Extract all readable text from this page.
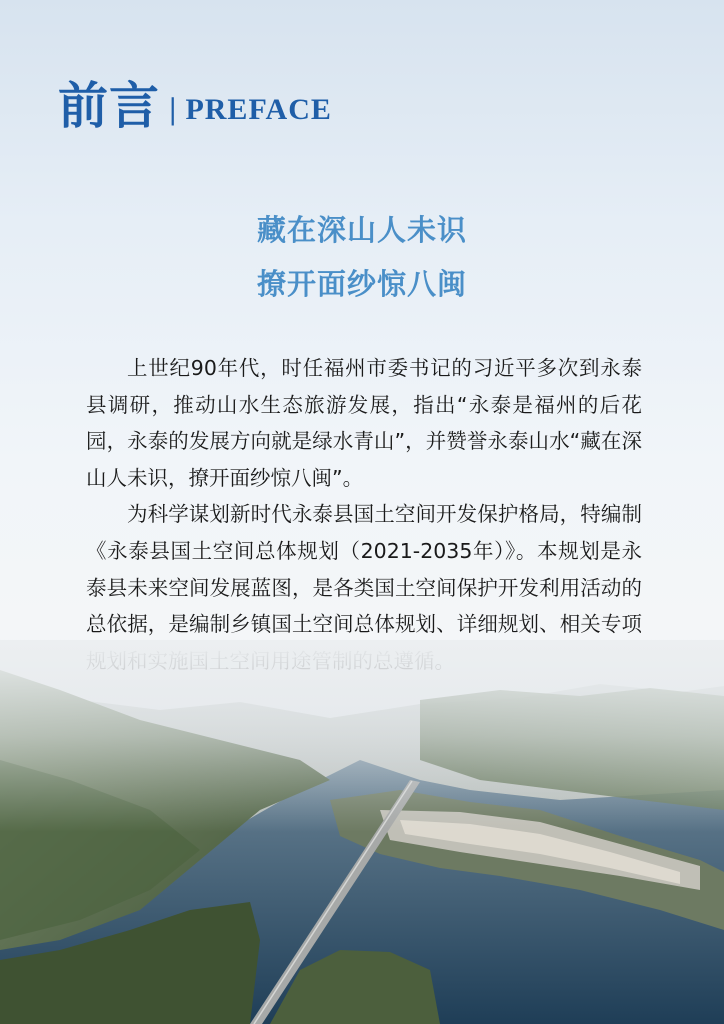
前言 | PREFACE
藏在深山人未识
撩开面纱惊八闽

上世纪90年代，时任福州市委书记的习近平多次到永泰县调研，推动山水生态旅游发展，指出“永泰是福州的后花园，永泰的发展方向就是绿水青山”，并赞誉永泰山水“藏在深山人未识，撩开面纱惊八闽”。

为科学谋划新时代永泰县国土空间开发保护格局，特编制《永泰县国土空间总体规划（2021-2035年）》。本规划是永泰县未来空间发展蓝图，是各类国土空间保护开发利用活动的总依据，是编制乡镇国土空间总体规划、详细规划、相关专项
